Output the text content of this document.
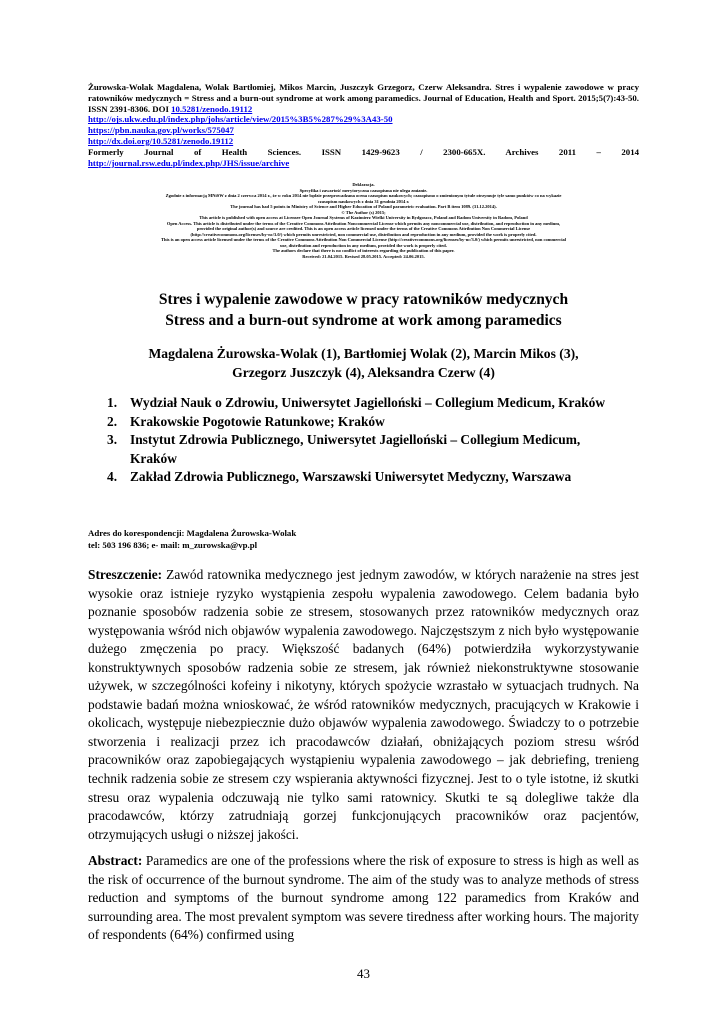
Żurowska-Wolak Magdalena, Wolak Bartłomiej, Mikos Marcin, Juszczyk Grzegorz, Czerw Aleksandra. Stres i wypalenie zawodowe w pracy ratowników medycznych = Stress and a burn-out syndrome at work among paramedics. Journal of Education, Health and Sport. 2015;5(7):43-50. ISSN 2391-8306. DOI 10.5281/zenodo.19112

http://ojs.ukw.edu.pl/index.php/johs/article/view/2015%3B5%287%29%3A43-50
https://pbn.nauka.gov.pl/works/575047
http://dx.doi.org/10.5281/zenodo.19112

Formerly Journal of Health Sciences. ISSN 1429-9623 / 2300-665X. Archives 2011 – 2014

http://journal.rsw.edu.pl/index.php/JHS/issue/archive
Deklaracja.
Specyfika i zawartość merytoryczna czasopisma nie ulega zmianie.
Zgodnie z informacją MNiSW z dnia 2 czerwca 2014 r., że w roku 2014 nie będzie przeprowadzana ocena czasopism naukowych; czasopismo o zmienionym tytule otrzymuje tyle samo punktów co na wykazie
czasopism naukowych z dnia 31 grudnia 2014 r.
The journal has had 5 points in Ministry of Science and Higher Education of Poland parametric evaluation. Part B item 1089. (31.12.2014).
© The Author (s) 2015;
This article is published with open access at Licensee Open Journal Systems of Kazimierz Wielki University in Bydgoszcz, Poland and Radom University in Radom, Poland
Open Access. This article is distributed under the terms of the Creative Commons Attribution Noncommercial License which permits any noncommercial use, distribution, and reproduction in any medium,
provided the original author(s) and source are credited. This is an open access article licensed under the terms of the Creative Commons Attribution Non Commercial License
(http://creativecommons.org/licenses/by-nc/3.0/) which permits unrestricted, non commercial use, distribution and reproduction in any medium, provided the work is properly cited.
This is an open access article licensed under the terms of the Creative Commons Attribution Non Commercial License (http://creativecommons.org/licenses/by-nc/3.0/) which permits unrestricted, non commercial
use, distribution and reproduction in any medium, provided the work is properly cited.
The authors declare that there is no conflict of interests regarding the publication of this paper.
Received: 21.04.2015. Revised 28.05.2015. Accepted: 24.06.2015.
Stres i wypalenie zawodowe w pracy ratowników medycznych
Stress and a burn-out syndrome at work among paramedics
Magdalena Żurowska-Wolak (1), Bartłomiej Wolak (2), Marcin Mikos (3),
Grzegorz Juszczyk (4), Aleksandra Czerw (4)
1. Wydział Nauk o Zdrowiu, Uniwersytet Jagielloński – Collegium Medicum, Kraków
2. Krakowskie Pogotowie Ratunkowe; Kraków
3. Instytut Zdrowia Publicznego, Uniwersytet Jagielloński – Collegium Medicum, Kraków
4. Zakład Zdrowia Publicznego, Warszawski Uniwersytet Medyczny, Warszawa
Adres do korespondencji: Magdalena Żurowska-Wolak
tel: 503 196 836; e- mail: m_zurowska@vp.pl

Streszczenie: Zawód ratownika medycznego jest jednym zawodów, w których narażenie na stres jest wysokie oraz istnieje ryzyko wystąpienia zespołu wypalenia zawodowego. Celem badania było poznanie sposobów radzenia sobie ze stresem, stosowanych przez ratowników medycznych oraz występowania wśród nich objawów wypalenia zawodowego. Najczęstszym z nich było występowanie dużego zmęczenia po pracy. Większość badanych (64%) potwierdziła wykorzystywanie konstruktywnych sposobów radzenia sobie ze stresem, jak również niekonstruktywne stosowanie używek, w szczególności kofeiny i nikotyny, których spożycie wzrastało w sytuacjach trudnych. Na podstawie badań można wnioskować, że wśród ratowników medycznych, pracujących w Krakowie i okolicach, występuje niebezpiecznie dużo objawów wypalenia zawodowego. Świadczy to o potrzebie stworzenia i realizacji przez ich pracodawców działań, obniżających poziom stresu wśród pracowników oraz zapobiegających wystąpieniu wypalenia zawodowego – jak debriefing, trenieng technik radzenia sobie ze stresem czy wspierania aktywności fizycznej. Jest to o tyle istotne, iż skutki stresu oraz wypalenia odczuwają nie tylko sami ratownicy. Skutki te są dolegliwe także dla pracodawców, którzy zatrudniają gorzej funkcjonujących pracowników oraz pacjentów, otrzymujących usługi o niższej jakości.

Abstract: Paramedics are one of the professions where the risk of exposure to stress is high as well as the risk of occurrence of the burnout syndrome. The aim of the study was to analyze methods of stress reduction and symptoms of the burnout syndrome among 122 paramedics from Kraków and surrounding area. The most prevalent symptom was severe tiredness after working hours. The majority of respondents (64%) confirmed using

43
